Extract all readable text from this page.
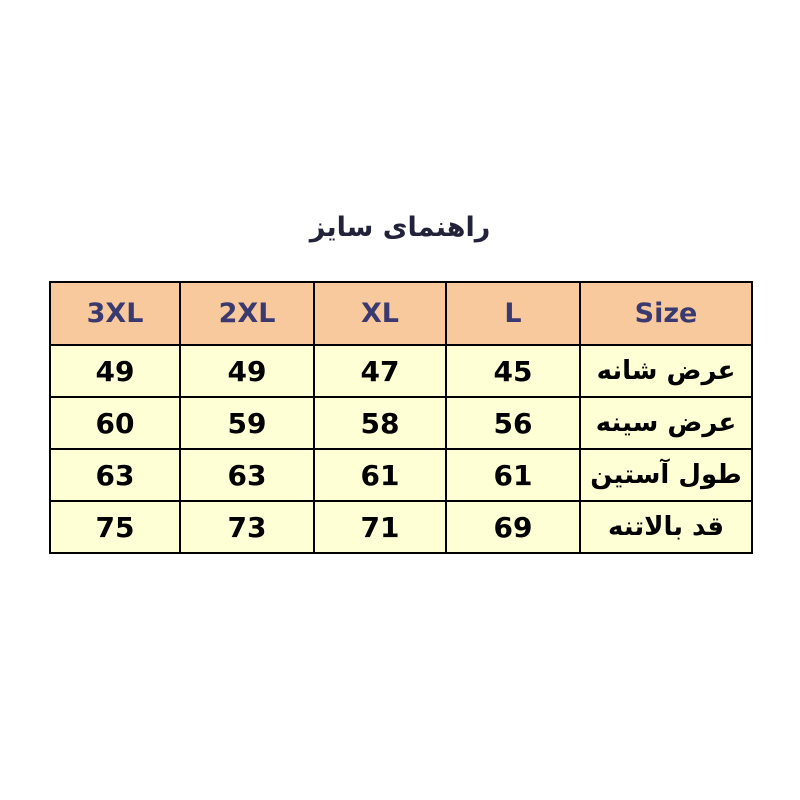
راهنمای سایز
3XL	2XL	XL	L	Size
49	49	47	45	عرض شانه
60	59	58	56	عرض سینه
63	63	61	61	طول آستین
75	73	71	69	قد بالاتنه
